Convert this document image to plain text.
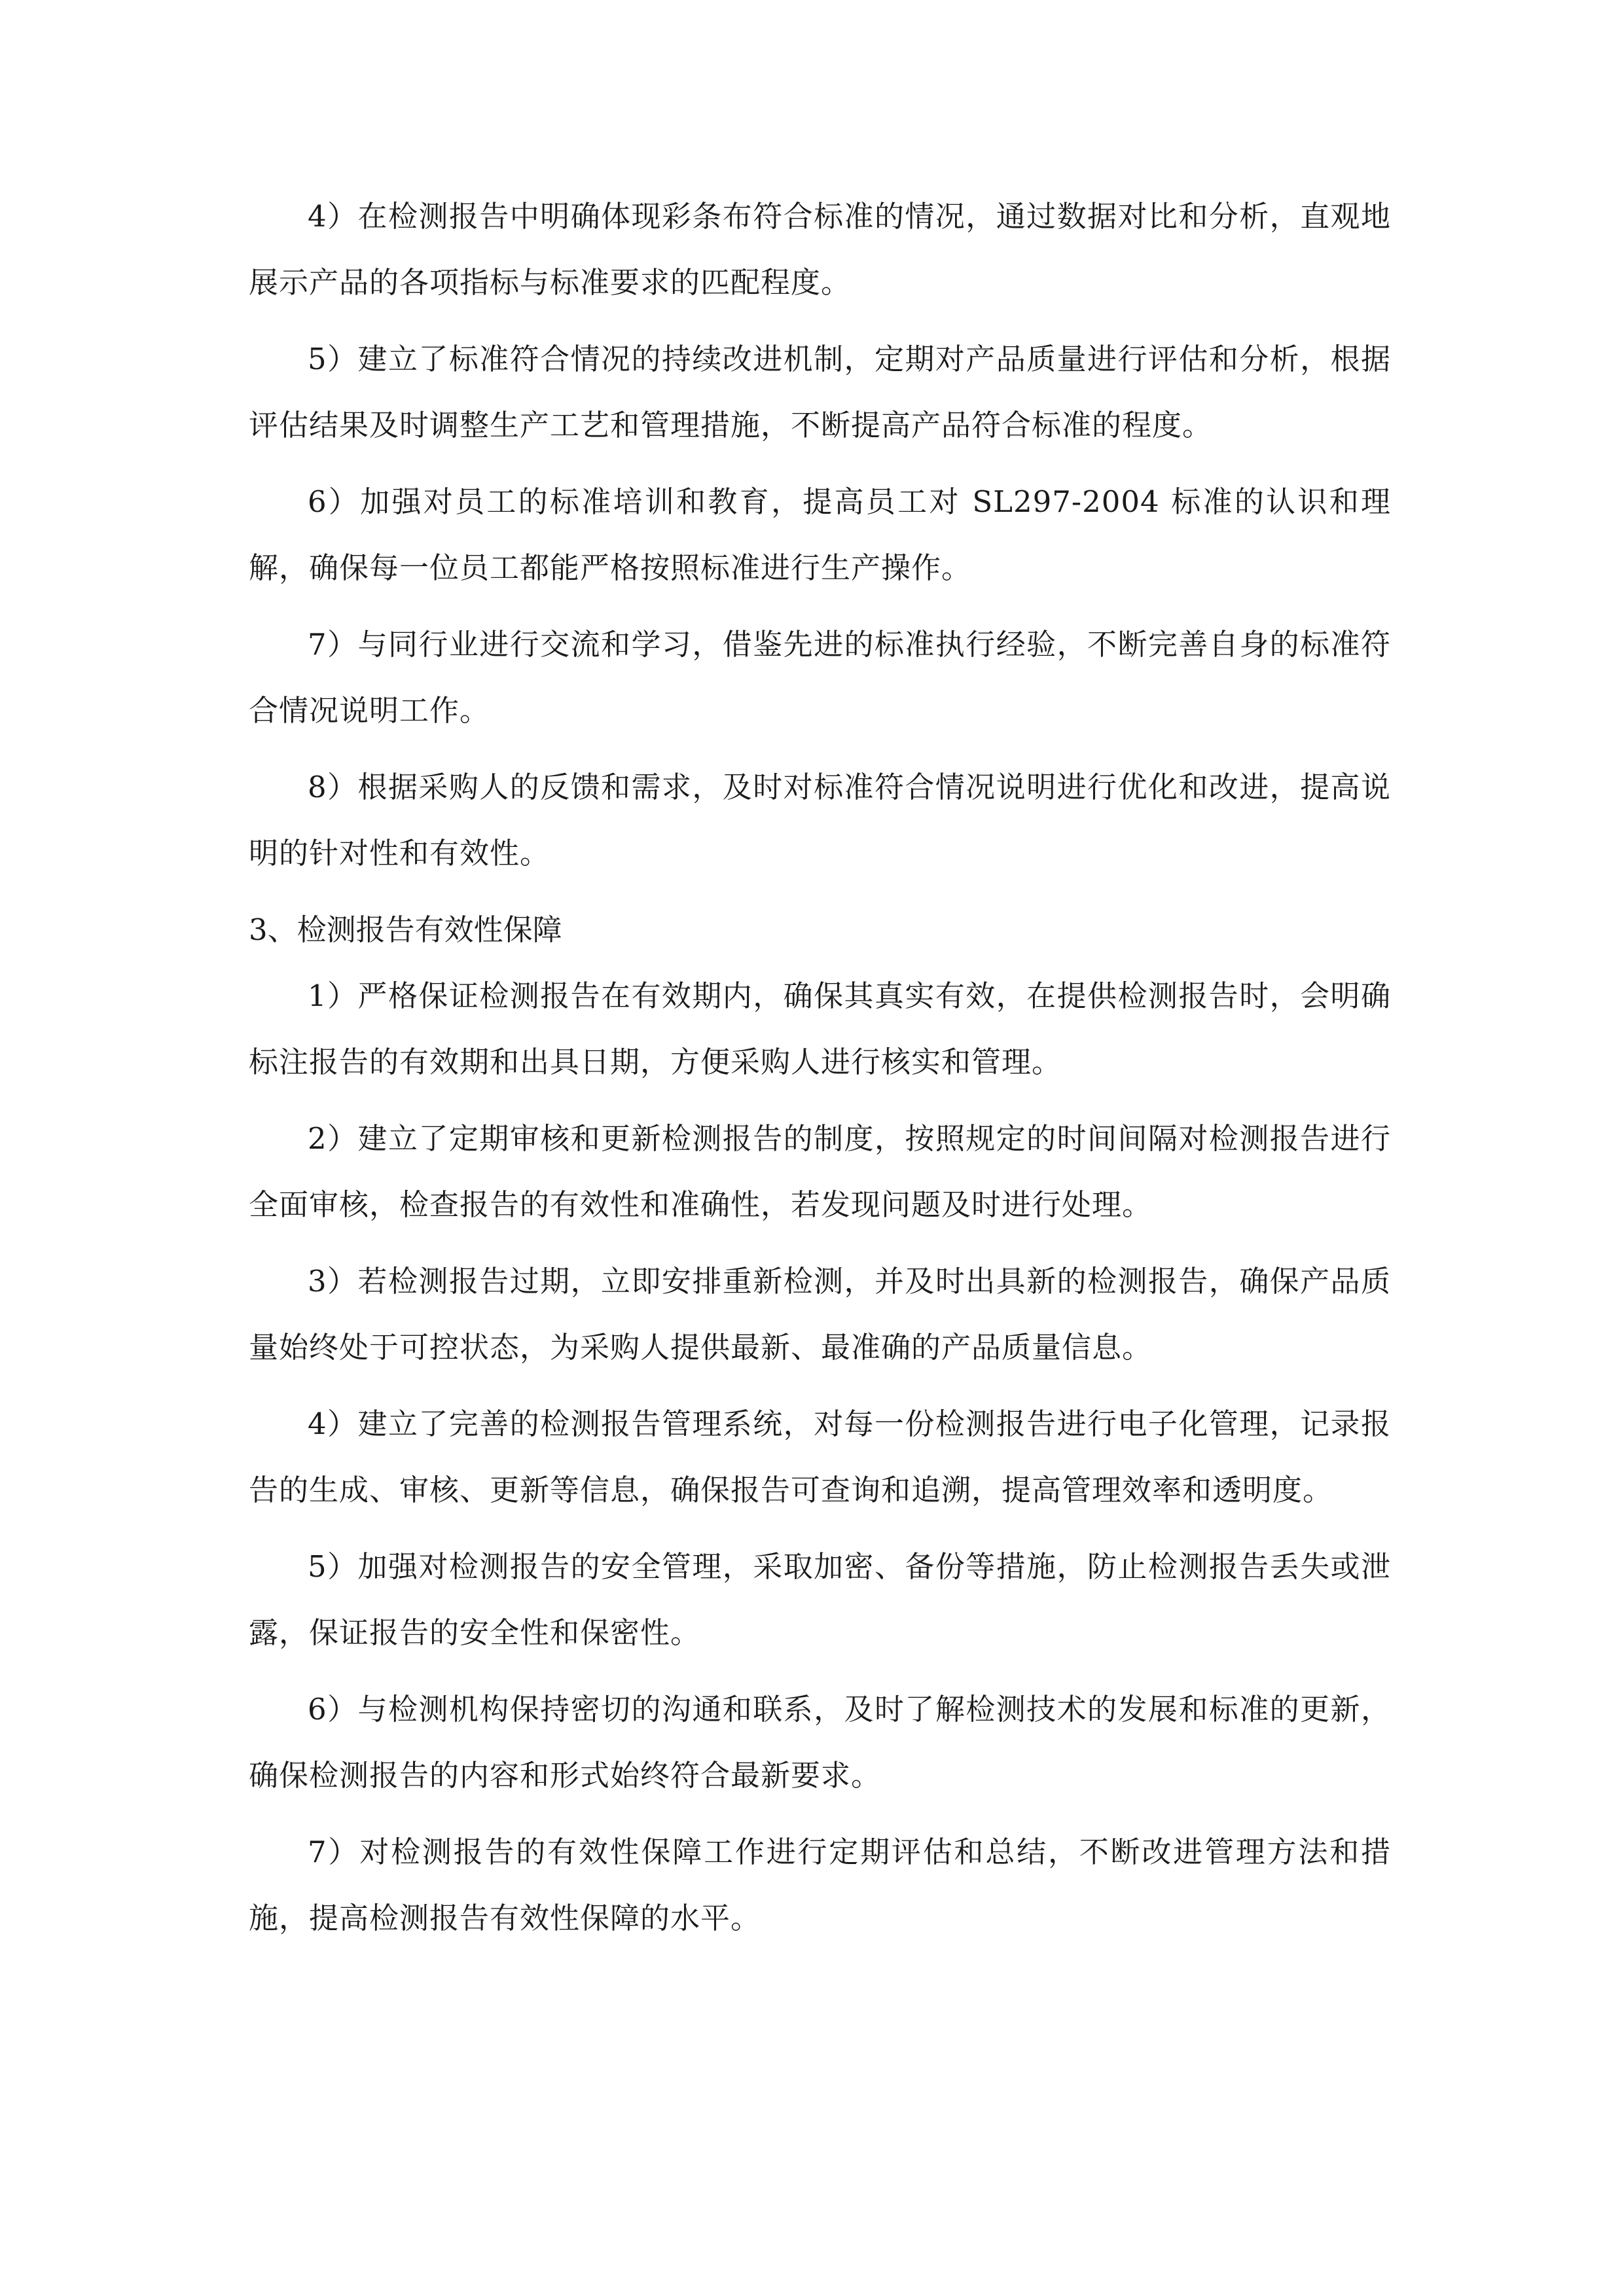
4）在检测报告中明确体现彩条布符合标准的情况，通过数据对比和分析，直观地展示产品的各项指标与标准要求的匹配程度。

5）建立了标准符合情况的持续改进机制，定期对产品质量进行评估和分析，根据评估结果及时调整生产工艺和管理措施，不断提高产品符合标准的程度。

6）加强对员工的标准培训和教育，提高员工对 SL297-2004 标准的认识和理解，确保每一位员工都能严格按照标准进行生产操作。

7）与同行业进行交流和学习，借鉴先进的标准执行经验，不断完善自身的标准符合情况说明工作。

8）根据采购人的反馈和需求，及时对标准符合情况说明进行优化和改进，提高说明的针对性和有效性。

3、检测报告有效性保障

1）严格保证检测报告在有效期内，确保其真实有效，在提供检测报告时，会明确标注报告的有效期和出具日期，方便采购人进行核实和管理。

2）建立了定期审核和更新检测报告的制度，按照规定的时间间隔对检测报告进行全面审核，检查报告的有效性和准确性，若发现问题及时进行处理。

3）若检测报告过期，立即安排重新检测，并及时出具新的检测报告，确保产品质量始终处于可控状态，为采购人提供最新、最准确的产品质量信息。

4）建立了完善的检测报告管理系统，对每一份检测报告进行电子化管理，记录报告的生成、审核、更新等信息，确保报告可查询和追溯，提高管理效率和透明度。

5）加强对检测报告的安全管理，采取加密、备份等措施，防止检测报告丢失或泄露，保证报告的安全性和保密性。

6）与检测机构保持密切的沟通和联系，及时了解检测技术的发展和标准的更新，确保检测报告的内容和形式始终符合最新要求。

7）对检测报告的有效性保障工作进行定期评估和总结，不断改进管理方法和措施，提高检测报告有效性保障的水平。
